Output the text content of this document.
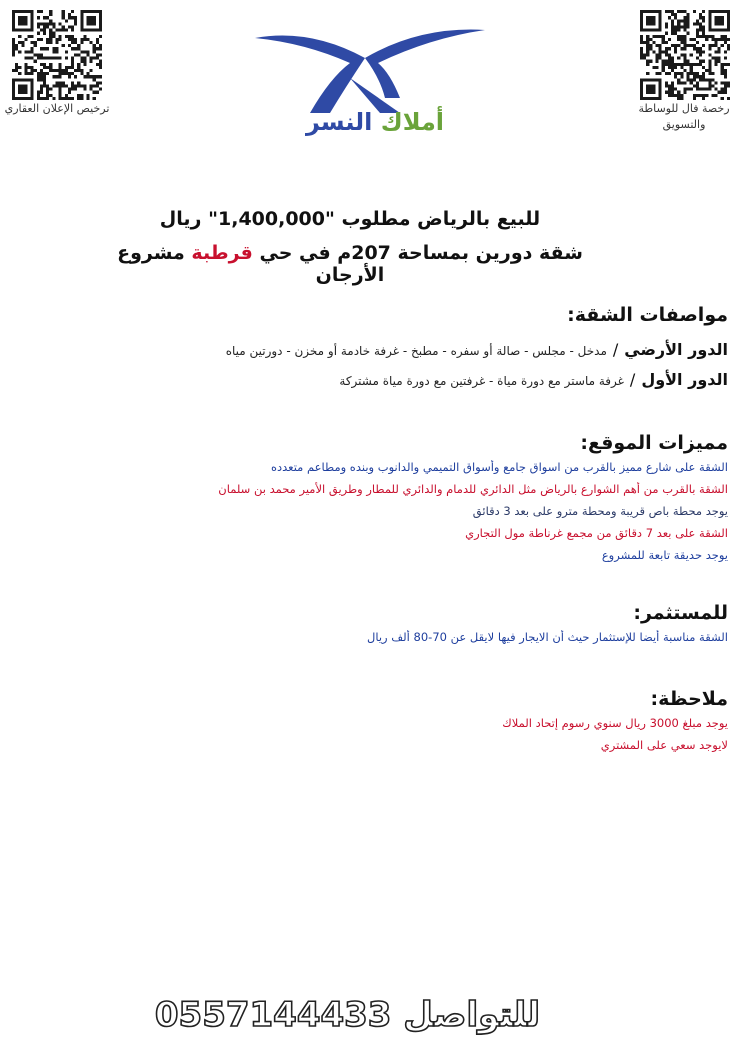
ترخيص الإعلان العقاري	رخصة فال للوساطة والتسويق
أملاك النسر
للبيع بالرياض مطلوب "1,400,000" ريال
شقة دورين بمساحة 207م في حي قرطبة مشروع الأرجان
مواصفات الشقة:
الدور الأرضي/مدخل - مجلس - صالة أو سفره - مطبخ - غرفة خادمة أو مخزن - دورتين مياه
الدور الأول/غرفة ماستر مع دورة مياة - غرفتين مع دورة مياة مشتركة
مميزات الموقع:
الشقة على شارع مميز بالقرب من اسواق جامع وأسواق التميمي والدانوب وبنده ومطاعم متعدده
الشقة بالقرب من أهم الشوارع بالرياض مثل الدائري للدمام والدائري للمطار وطريق الأمير محمد بن سلمان
يوجد محطة باص قريبة ومحطة مترو على بعد 3 دقائق
الشقة على بعد 7 دقائق من مجمع غرناطة مول التجاري
يوجد حديقة تابعة للمشروع
للمستثمر:
الشقة مناسبة أيضا للإستثمار حيث أن الايجار فيها لايقل عن 70-80 ألف ريال
ملاحظة:
يوجد مبلغ 3000 ريال سنوي رسوم إتحاد الملاك
لايوجد سعي على المشتري
للتواصل 0557144433
